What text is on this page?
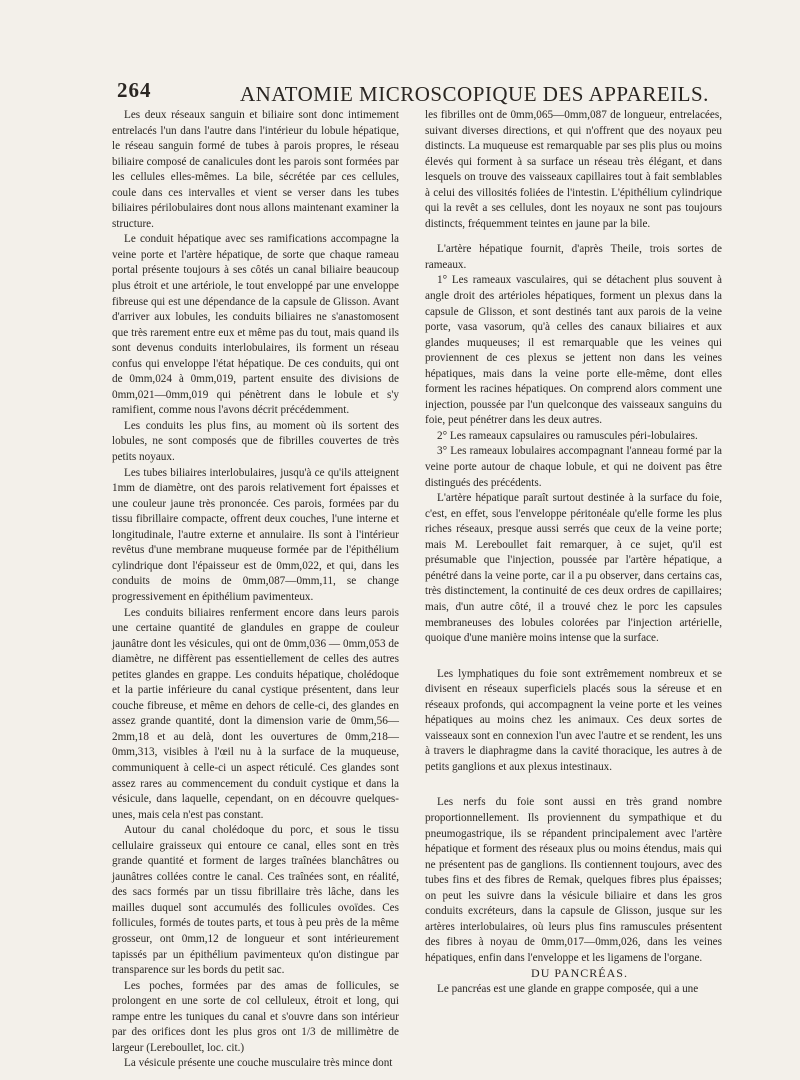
264	ANATOMIE MICROSCOPIQUE DES APPAREILS.

Les deux réseaux sanguin et biliaire sont donc intimement entrelacés l'un dans l'autre dans l'intérieur du lobule hépatique, le réseau sanguin formé de tubes à parois propres, le réseau biliaire composé de canalicules dont les parois sont formées par les cellules elles-mêmes. La bile, sécrétée par ces cellules, coule dans ces intervalles et vient se verser dans les tubes biliaires périlobulaires dont nous allons maintenant examiner la structure.

Le conduit hépatique avec ses ramifications accompagne la veine porte et l'artère hépatique, de sorte que chaque rameau portal présente toujours à ses côtés un canal biliaire beaucoup plus étroit et une artériole, le tout enveloppé par une enveloppe fibreuse qui est une dépendance de la capsule de Glisson. Avant d'arriver aux lobules, les conduits biliaires ne s'anastomosent que très rarement entre eux et même pas du tout, mais quand ils sont devenus conduits interlobulaires, ils forment un réseau confus qui enveloppe l'état hépatique. De ces conduits, qui ont de 0mm,024 à 0mm,019, partent ensuite des divisions de 0mm,021—0mm,019 qui pénètrent dans le lobule et s'y ramifient, comme nous l'avons décrit précédemment.

Les conduits les plus fins, au moment où ils sortent des lobules, ne sont composés que de fibrilles couvertes de très petits noyaux.

Les tubes biliaires interlobulaires, jusqu'à ce qu'ils atteignent 1mm de diamètre, ont des parois relativement fort épaisses et une couleur jaune très prononcée. Ces parois, formées par du tissu fibrillaire compacte, offrent deux couches, l'une interne et longitudinale, l'autre externe et annulaire. Ils sont à l'intérieur revêtus d'une membrane muqueuse formée par de l'épithélium cylindrique dont l'épaisseur est de 0mm,022, et qui, dans les conduits de moins de 0mm,087—0mm,11, se change progressivement en épithélium pavimenteux.

Les conduits biliaires renferment encore dans leurs parois une certaine quantité de glandules en grappe de couleur jaunâtre dont les vésicules, qui ont de 0mm,036 — 0mm,053 de diamètre, ne diffèrent pas essentiellement de celles des autres petites glandes en grappe. Les conduits hépatique, cholédoque et la partie inférieure du canal cystique présentent, dans leur couche fibreuse, et même en dehors de celle-ci, des glandes en assez grande quantité, dont la dimension varie de 0mm,56—2mm,18 et au delà, dont les ouvertures de 0mm,218—0mm,313, visibles à l'œil nu à la surface de la muqueuse, communiquent à celle-ci un aspect réticulé. Ces glandes sont assez rares au commencement du conduit cystique et dans la vésicule, dans laquelle, cependant, on en découvre quelques-unes, mais cela n'est pas constant.

Autour du canal cholédoque du porc, et sous le tissu cellulaire graisseux qui entoure ce canal, elles sont en très grande quantité et forment de larges traînées blanchâtres ou jaunâtres collées contre le canal. Ces traînées sont, en réalité, des sacs formés par un tissu fibrillaire très lâche, dans les mailles duquel sont accumulés des follicules ovoïdes. Ces follicules, formés de toutes parts, et tous à peu près de la même grosseur, ont 0mm,12 de longueur et sont intérieurement tapissés par un épithélium pavimenteux qu'on distingue par transparence sur les bords du petit sac.

Les poches, formées par des amas de follicules, se prolongent en une sorte de col celluleux, étroit et long, qui rampe entre les tuniques du canal et s'ouvre dans son intérieur par des orifices dont les plus gros ont 1/3 de millimètre de largeur (Lereboullet, loc. cit.)

La vésicule présente une couche musculaire très mince dont

les fibrilles ont de 0mm,065—0mm,087 de longueur, entrelacées, suivant diverses directions, et qui n'offrent que des noyaux peu distincts. La muqueuse est remarquable par ses plis plus ou moins élevés qui forment à sa surface un réseau très élégant, et dans lesquels on trouve des vaisseaux capillaires tout à fait semblables à celui des villosités foliées de l'intestin. L'épithélium cylindrique qui la revêt a ses cellules, dont les noyaux ne sont pas toujours distincts, fréquemment teintes en jaune par la bile.

L'artère hépatique fournit, d'après Theile, trois sortes de rameaux.

1° Les rameaux vasculaires, qui se détachent plus souvent à angle droit des artérioles hépatiques, forment un plexus dans la capsule de Glisson, et sont destinés tant aux parois de la veine porte, vasa vasorum, qu'à celles des canaux biliaires et aux glandes muqueuses; il est remarquable que les veines qui proviennent de ces plexus se jettent non dans les veines hépatiques, mais dans la veine porte elle-même, dont elles forment les racines hépatiques. On comprend alors comment une injection, poussée par l'un quelconque des vaisseaux sanguins du foie, peut pénétrer dans les deux autres.

2° Les rameaux capsulaires ou ramuscules péri-lobulaires.

3° Les rameaux lobulaires accompagnant l'anneau formé par la veine porte autour de chaque lobule, et qui ne doivent pas être distingués des précédents.

L'artère hépatique paraît surtout destinée à la surface du foie, c'est, en effet, sous l'enveloppe péritonéale qu'elle forme les plus riches réseaux, presque aussi serrés que ceux de la veine porte; mais M. Lereboullet fait remarquer, à ce sujet, qu'il est présumable que l'injection, poussée par l'artère hépatique, a pénétré dans la veine porte, car il a pu observer, dans certains cas, très distinctement, la continuité de ces deux ordres de capillaires; mais, d'un autre côté, il a trouvé chez le porc les capsules membraneuses des lobules colorées par l'injection artérielle, quoique d'une manière moins intense que la surface.

Les lymphatiques du foie sont extrêmement nombreux et se divisent en réseaux superficiels placés sous la séreuse et en réseaux profonds, qui accompagnent la veine porte et les veines hépatiques au moins chez les animaux. Ces deux sortes de vaisseaux sont en connexion l'un avec l'autre et se rendent, les uns à travers le diaphragme dans la cavité thoracique, les autres à de petits ganglions et aux plexus intestinaux.

Les nerfs du foie sont aussi en très grand nombre proportionnellement. Ils proviennent du sympathique et du pneumogastrique, ils se répandent principalement avec l'artère hépatique et forment des réseaux plus ou moins étendus, mais qui ne présentent pas de ganglions. Ils contiennent toujours, avec des tubes fins et des fibres de Remak, quelques fibres plus épaisses; on peut les suivre dans la vésicule biliaire et dans les gros conduits excréteurs, dans la capsule de Glisson, jusque sur les artères interlobulaires, où leurs plus fins ramuscules présentent des fibres à noyau de 0mm,017—0mm,026, dans les veines hépatiques, enfin dans l'enveloppe et les ligamens de l'organe.

DU PANCRÉAS.

Le pancréas est une glande en grappe composée, qui a une
